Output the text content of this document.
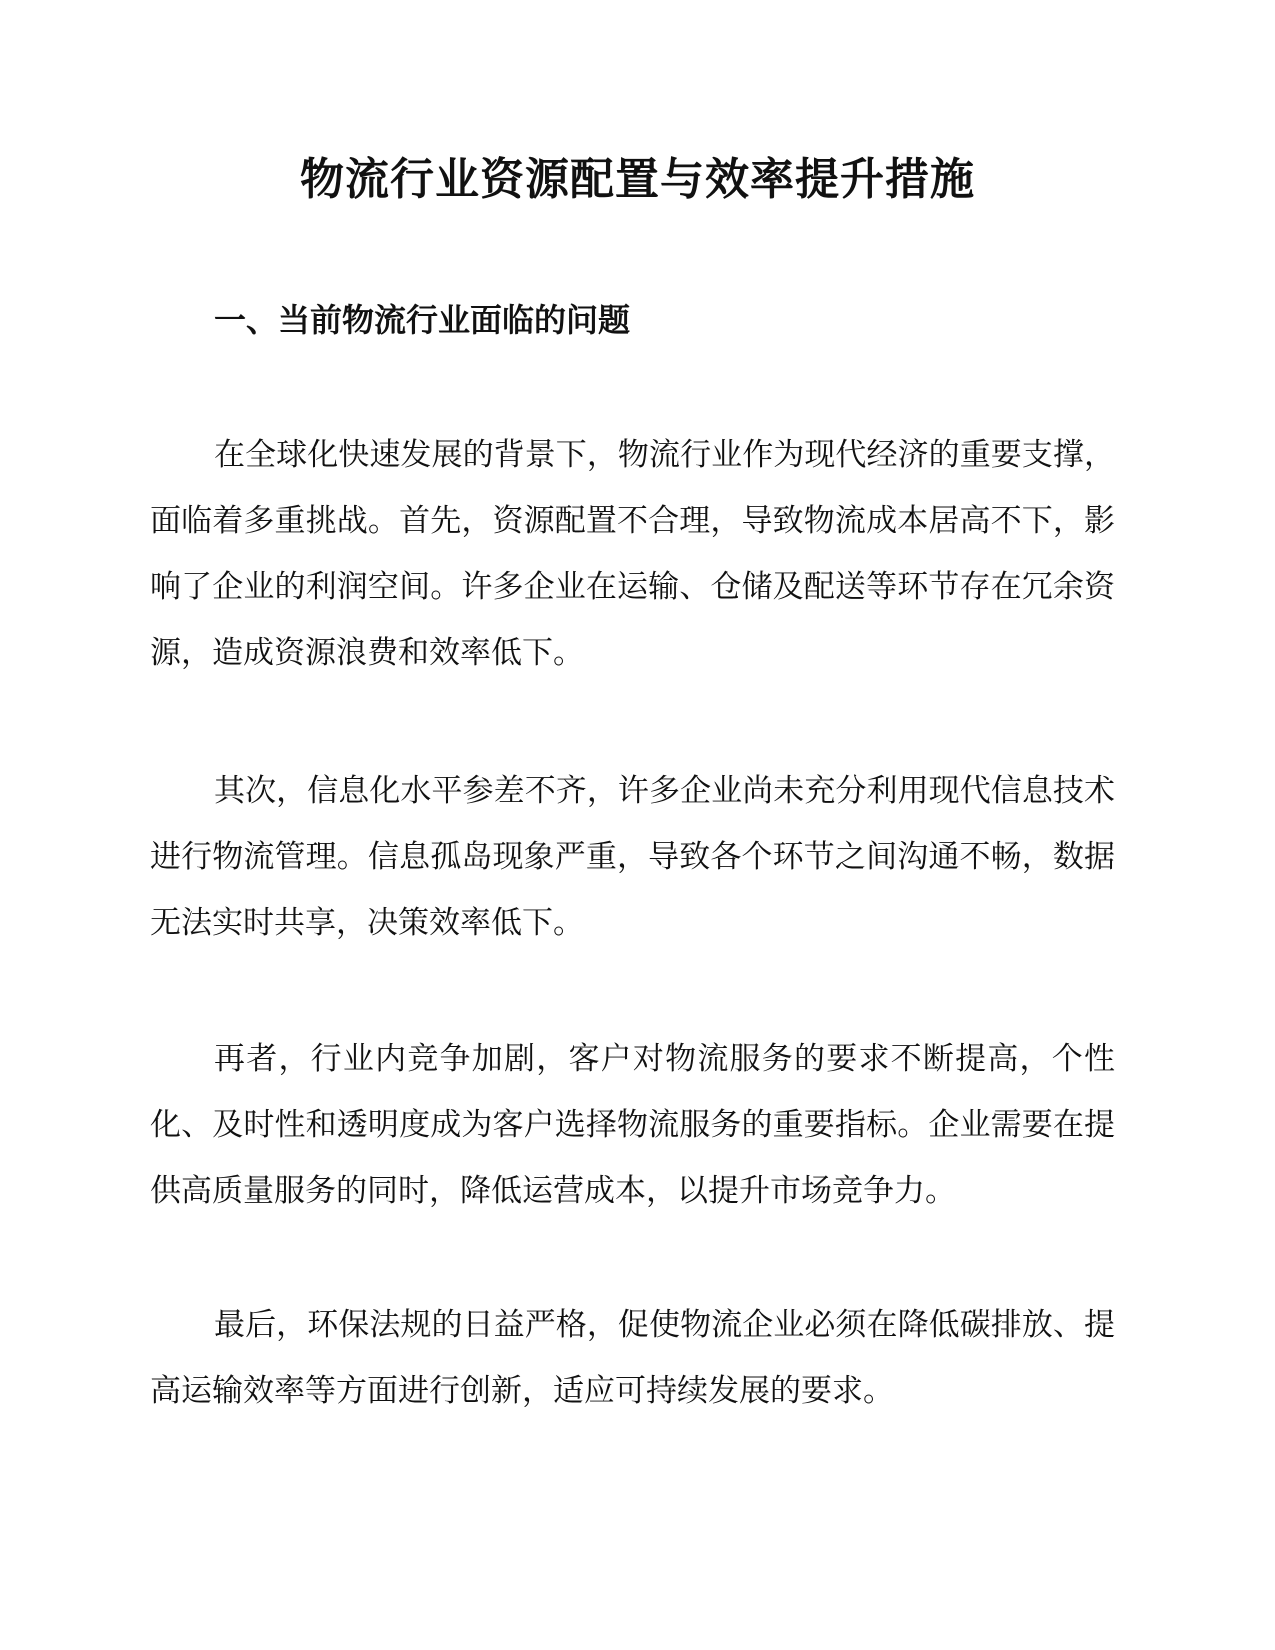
物流行业资源配置与效率提升措施
一、当前物流行业面临的问题

在全球化快速发展的背景下，物流行业作为现代经济的重要支撑，面临着多重挑战。首先，资源配置不合理，导致物流成本居高不下，影响了企业的利润空间。许多企业在运输、仓储及配送等环节存在冗余资源，造成资源浪费和效率低下。

其次，信息化水平参差不齐，许多企业尚未充分利用现代信息技术进行物流管理。信息孤岛现象严重，导致各个环节之间沟通不畅，数据无法实时共享，决策效率低下。

再者，行业内竞争加剧，客户对物流服务的要求不断提高，个性化、及时性和透明度成为客户选择物流服务的重要指标。企业需要在提供高质量服务的同时，降低运营成本，以提升市场竞争力。

最后，环保法规的日益严格，促使物流企业必须在降低碳排放、提高运输效率等方面进行创新，适应可持续发展的要求。
